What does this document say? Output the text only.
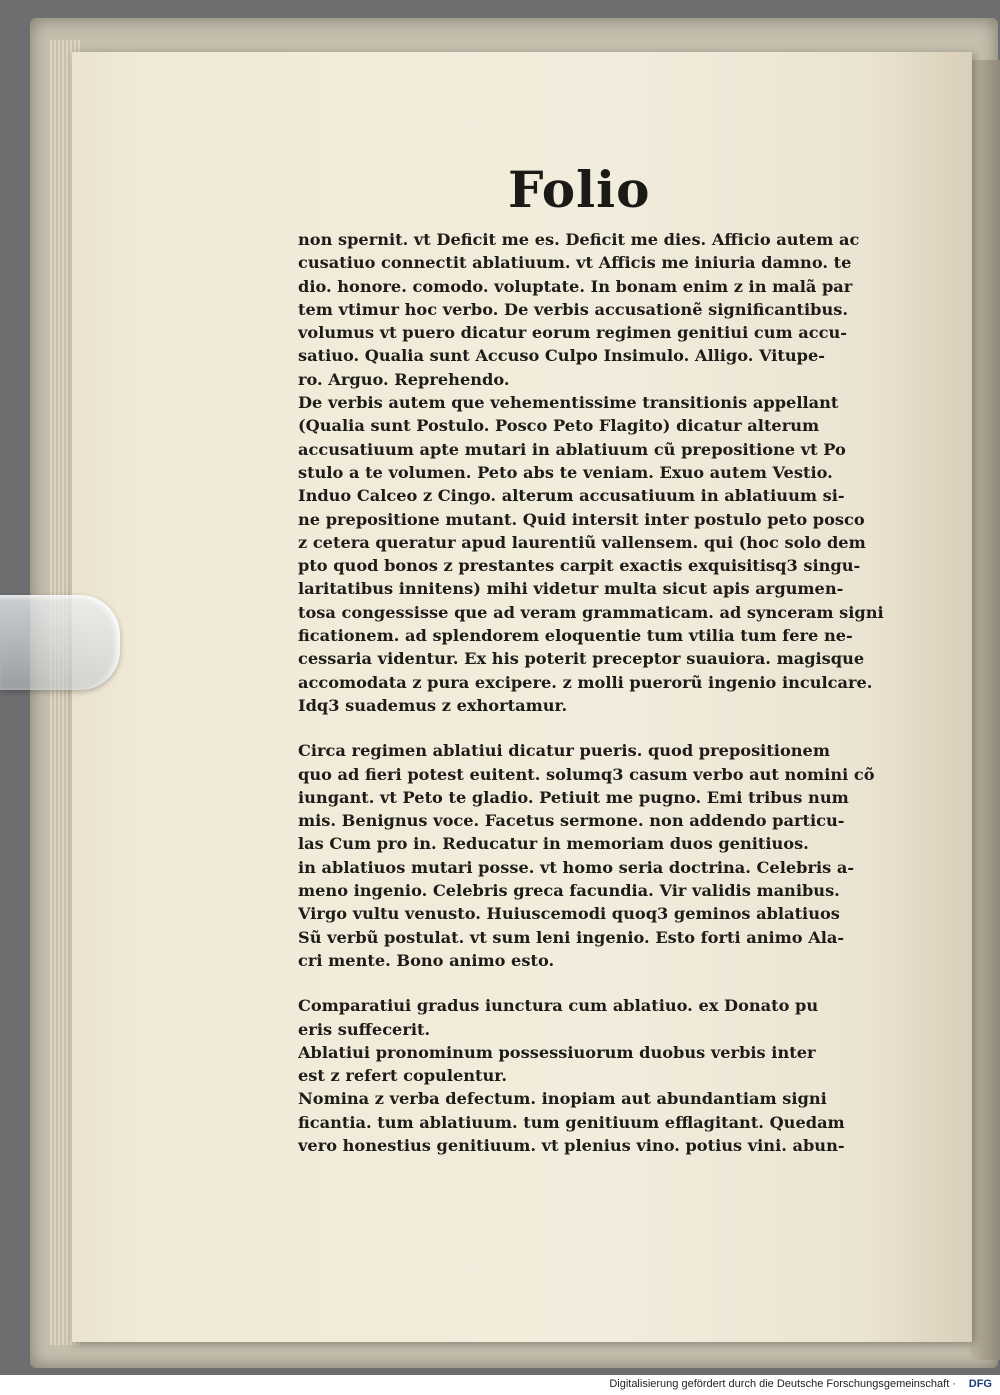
Folio
non spernit. vt Deficit me es. Deficit me dies. Afficio autem ac
cusatiuo connectit ablatiuum. vt Afficis me iniuria damno. te
dio. honore. comodo. voluptate. In bonam enim z in malã par
tem vtimur hoc verbo. De verbis accusationẽ significantibus.
volumus vt puero dicatur eorum regimen genitiui cum accu-
satiuo. Qualia sunt Accuso Culpo Insimulo. Alligo. Vitupe-
ro. Arguo. Reprehendo.
De verbis autem que vehementissime transitionis appellant
(Qualia sunt Postulo. Posco Peto Flagito) dicatur alterum
accusatiuum apte mutari in ablatiuum cũ prepositione vt Po
stulo a te volumen. Peto abs te veniam. Exuo autem Vestio.
Induo Calceo z Cingo. alterum accusatiuum in ablatiuum si-
ne prepositione mutant. Quid intersit inter postulo peto posco
z cetera queratur apud laurentiũ vallensem. qui (hoc solo dem
pto quod bonos z prestantes carpit exactis exquisitisq3 singu-
laritatibus innitens) mihi videtur multa sicut apis argumen-
tosa congessisse que ad veram grammaticam. ad synceram signi
ficationem. ad splendorem eloquentie tum vtilia tum fere ne-
cessaria videntur. Ex his poterit preceptor suauiora. magisque
accomodata z pura excipere. z molli puerorũ ingenio inculcare.
Idq3 suademus z exhortamur.
Circa regimen ablatiui dicatur pueris. quod prepositionem
quo ad fieri potest euitent. solumq3 casum verbo aut nomini cõ
iungant. vt Peto te gladio. Petiuit me pugno. Emi tribus num
mis. Benignus voce. Facetus sermone. non addendo particu-
las Cum pro in. Reducatur in memoriam duos genitiuos.
in ablatiuos mutari posse. vt homo seria doctrina. Celebris a-
meno ingenio. Celebris greca facundia. Vir validis manibus.
Virgo vultu venusto. Huiuscemodi quoq3 geminos ablatiuos
Sũ verbũ postulat. vt sum leni ingenio. Esto forti animo Ala-
cri mente. Bono animo esto.
Comparatiui gradus iunctura cum ablatiuo. ex Donato pu
eris suffecerit.
Ablatiui pronominum possessiuorum duobus verbis inter
est z refert copulentur.
Nomina z verba defectum. inopiam aut abundantiam signi
ficantia. tum ablatiuum. tum genitiuum efflagitant. Quedam
vero honestius genitiuum. vt plenius vino. potius vini. abun-
Digitalisierung gefördert durch die Deutsche Forschungsgemeinschaft · DFG
